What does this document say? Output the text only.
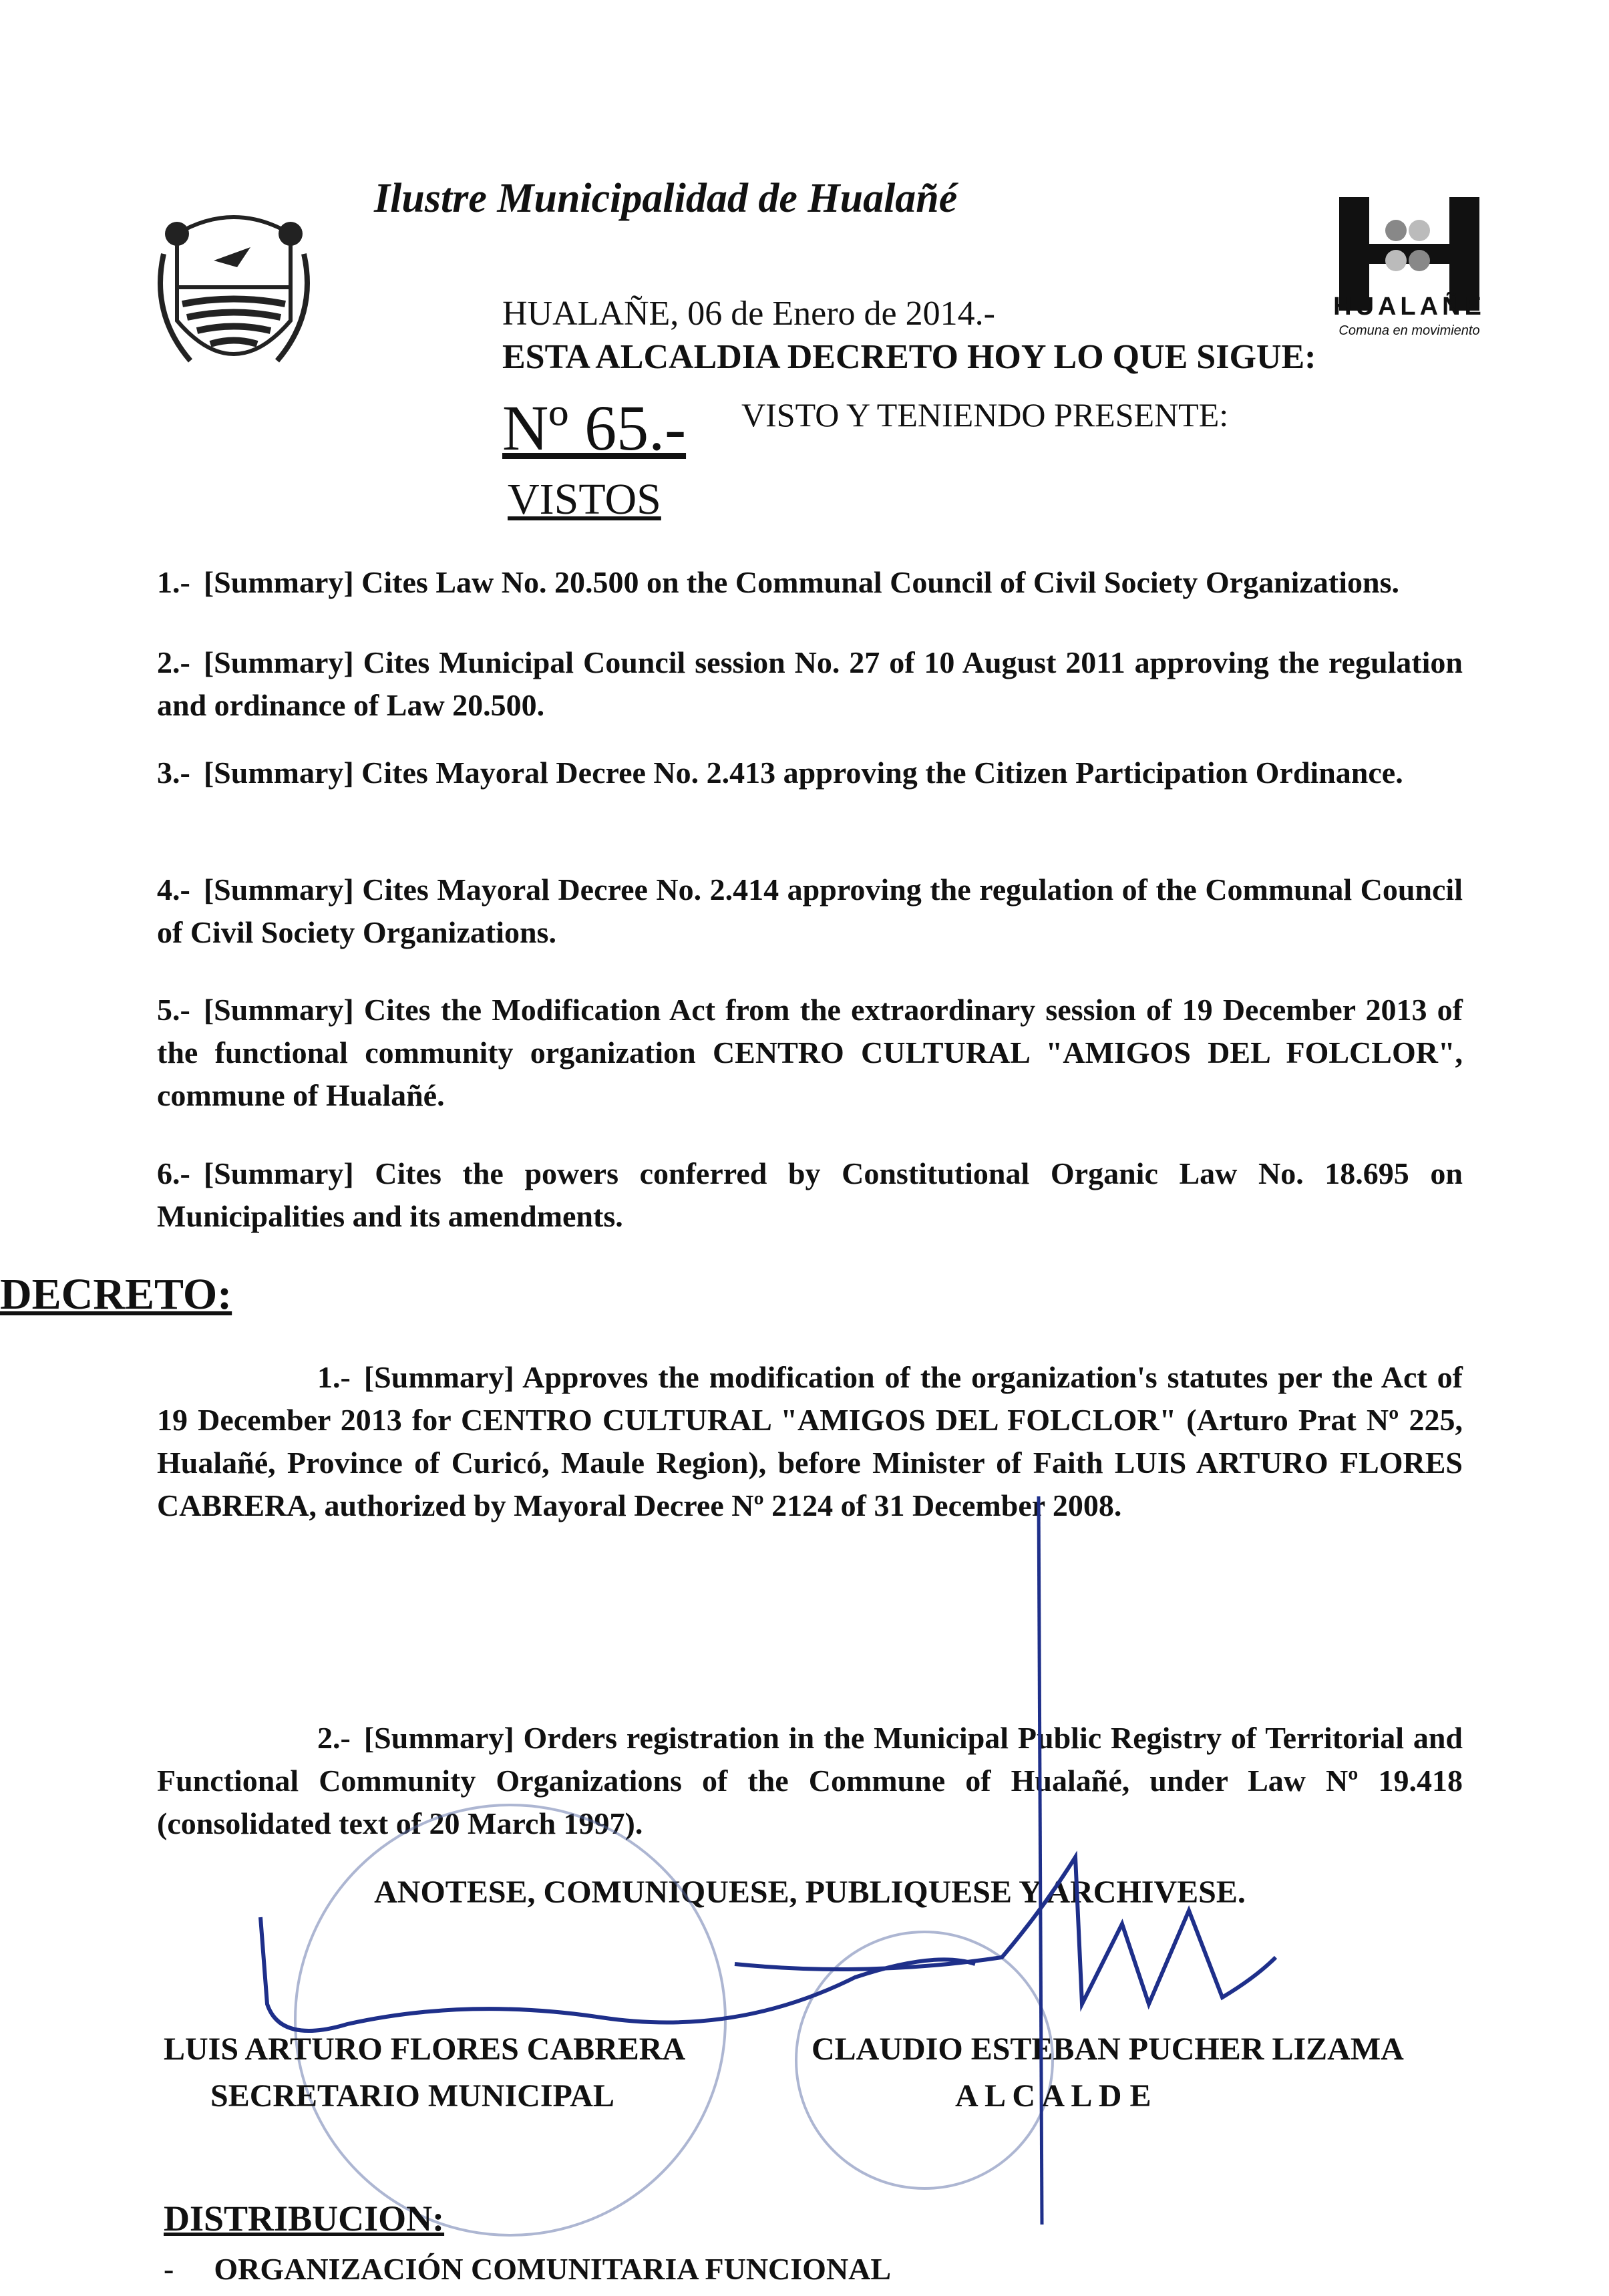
Ilustre Municipalidad de Hualañé
HUALAÑE
Comuna en movimiento
HUALAÑE, 06 de Enero de 2014.-
ESTA ALCALDIA DECRETO HOY LO QUE SIGUE:
Nº 65.- VISTO Y TENIENDO PRESENTE:
VISTOS
1.- [Summary] Cites Law No. 20.500 on the Communal Council of Civil Society Organizations.
2.- [Summary] Cites Municipal Council session No. 27 of 10 August 2011 approving the regulation and ordinance of Law 20.500.
3.- [Summary] Cites Mayoral Decree No. 2.413 approving the Citizen Participation Ordinance.
4.- [Summary] Cites Mayoral Decree No. 2.414 approving the regulation of the Communal Council of Civil Society Organizations.
5.- [Summary] Cites the Modification Act from the extraordinary session of 19 December 2013 of the functional community organization CENTRO CULTURAL "AMIGOS DEL FOLCLOR", commune of Hualañé.
6.- [Summary] Cites the powers conferred by Constitutional Organic Law No. 18.695 on Municipalities and its amendments.
DECRETO:
1.- [Summary] Approves the modification of the organization's statutes per the Act of 19 December 2013 for CENTRO CULTURAL "AMIGOS DEL FOLCLOR" (Arturo Prat Nº 225, Hualañé, Province of Curicó, Maule Region), before Minister of Faith LUIS ARTURO FLORES CABRERA, authorized by Mayoral Decree Nº 2124 of 31 December 2008.
2.- [Summary] Orders registration in the Municipal Public Registry of Territorial and Functional Community Organizations of the Commune of Hualañé, under Law Nº 19.418 (consolidated text of 20 March 1997).
ANOTESE, COMUNIQUESE, PUBLIQUESE Y ARCHIVESE.
LUIS ARTURO FLORES CABRERA
SECRETARIO MUNICIPAL
CLAUDIO ESTEBAN PUCHER LIZAMA
A L C A L D E
DISTRIBUCION:
- ORGANIZACIÓN COMUNITARIA FUNCIONAL
